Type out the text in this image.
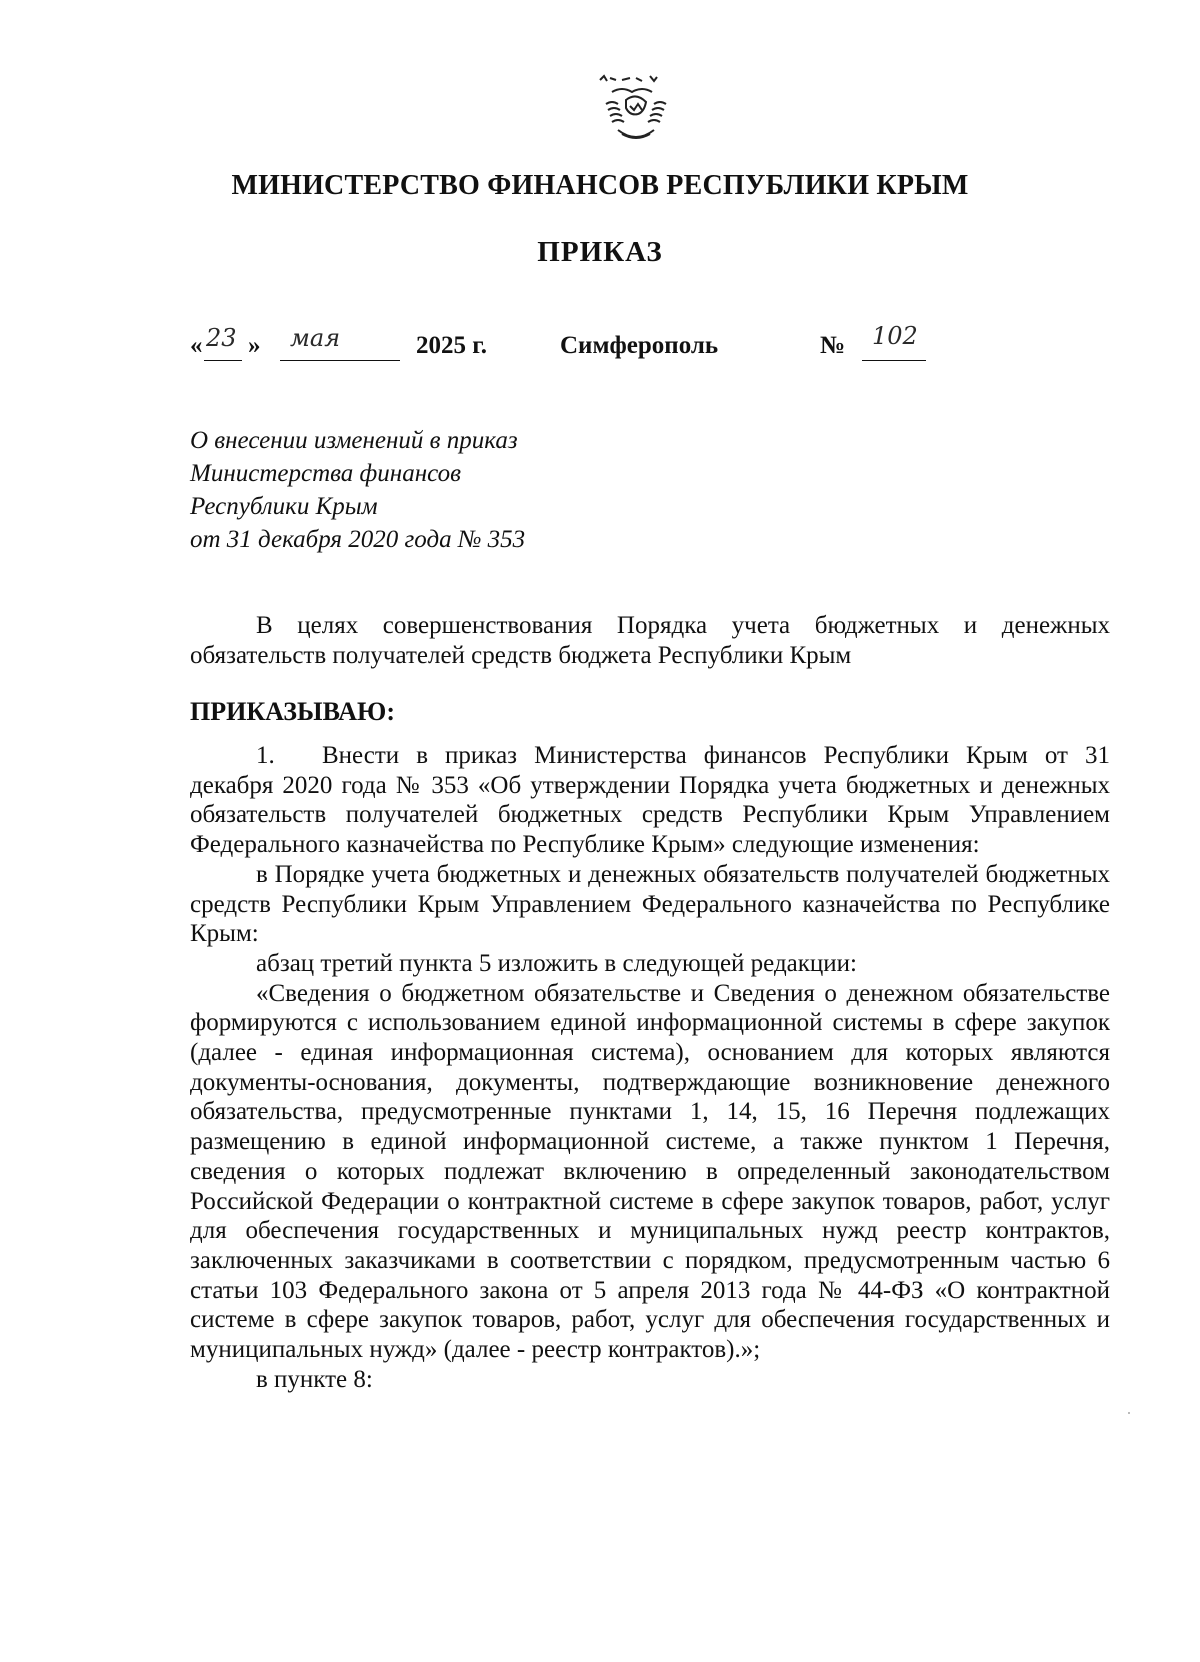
МИНИСТЕРСТВО ФИНАНСОВ РЕСПУБЛИКИ КРЫМ
ПРИКАЗ
« 23 » мая	2025 г.	Симферополь	№ 102
О внесении изменений в приказ
Министерства финансов
Республики Крым
от 31 декабря 2020 года № 353

В целях совершенствования Порядка учета бюджетных и денежных обязательств получателей средств бюджета Республики Крым

ПРИКАЗЫВАЮ:

1. Внести в приказ Министерства финансов Республики Крым от 31 декабря 2020 года № 353 «Об утверждении Порядка учета бюджетных и денежных обязательств получателей бюджетных средств Республики Крым Управлением Федерального казначейства по Республике Крым» следующие изменения:

в Порядке учета бюджетных и денежных обязательств получателей бюджетных средств Республики Крым Управлением Федерального казначейства по Республике Крым:

абзац третий пункта 5 изложить в следующей редакции:

«Сведения о бюджетном обязательстве и Сведения о денежном обязательстве формируются с использованием единой информационной системы в сфере закупок (далее - единая информационная система), основанием для которых являются документы-основания, документы, подтверждающие возникновение денежного обязательства, предусмотренные пунктами 1, 14, 15, 16 Перечня подлежащих размещению в единой информационной системе, а также пунктом 1 Перечня, сведения о которых подлежат включению в определенный законодательством Российской Федерации о контрактной системе в сфере закупок товаров, работ, услуг для обеспечения государственных и муниципальных нужд реестр контрактов, заключенных заказчиками в соответствии с порядком, предусмотренным частью 6 статьи 103 Федерального закона от 5 апреля 2013 года № 44-ФЗ «О контрактной системе в сфере закупок товаров, работ, услуг для обеспечения государственных и муниципальных нужд» (далее - реестр контрактов).»;

в пункте 8:
